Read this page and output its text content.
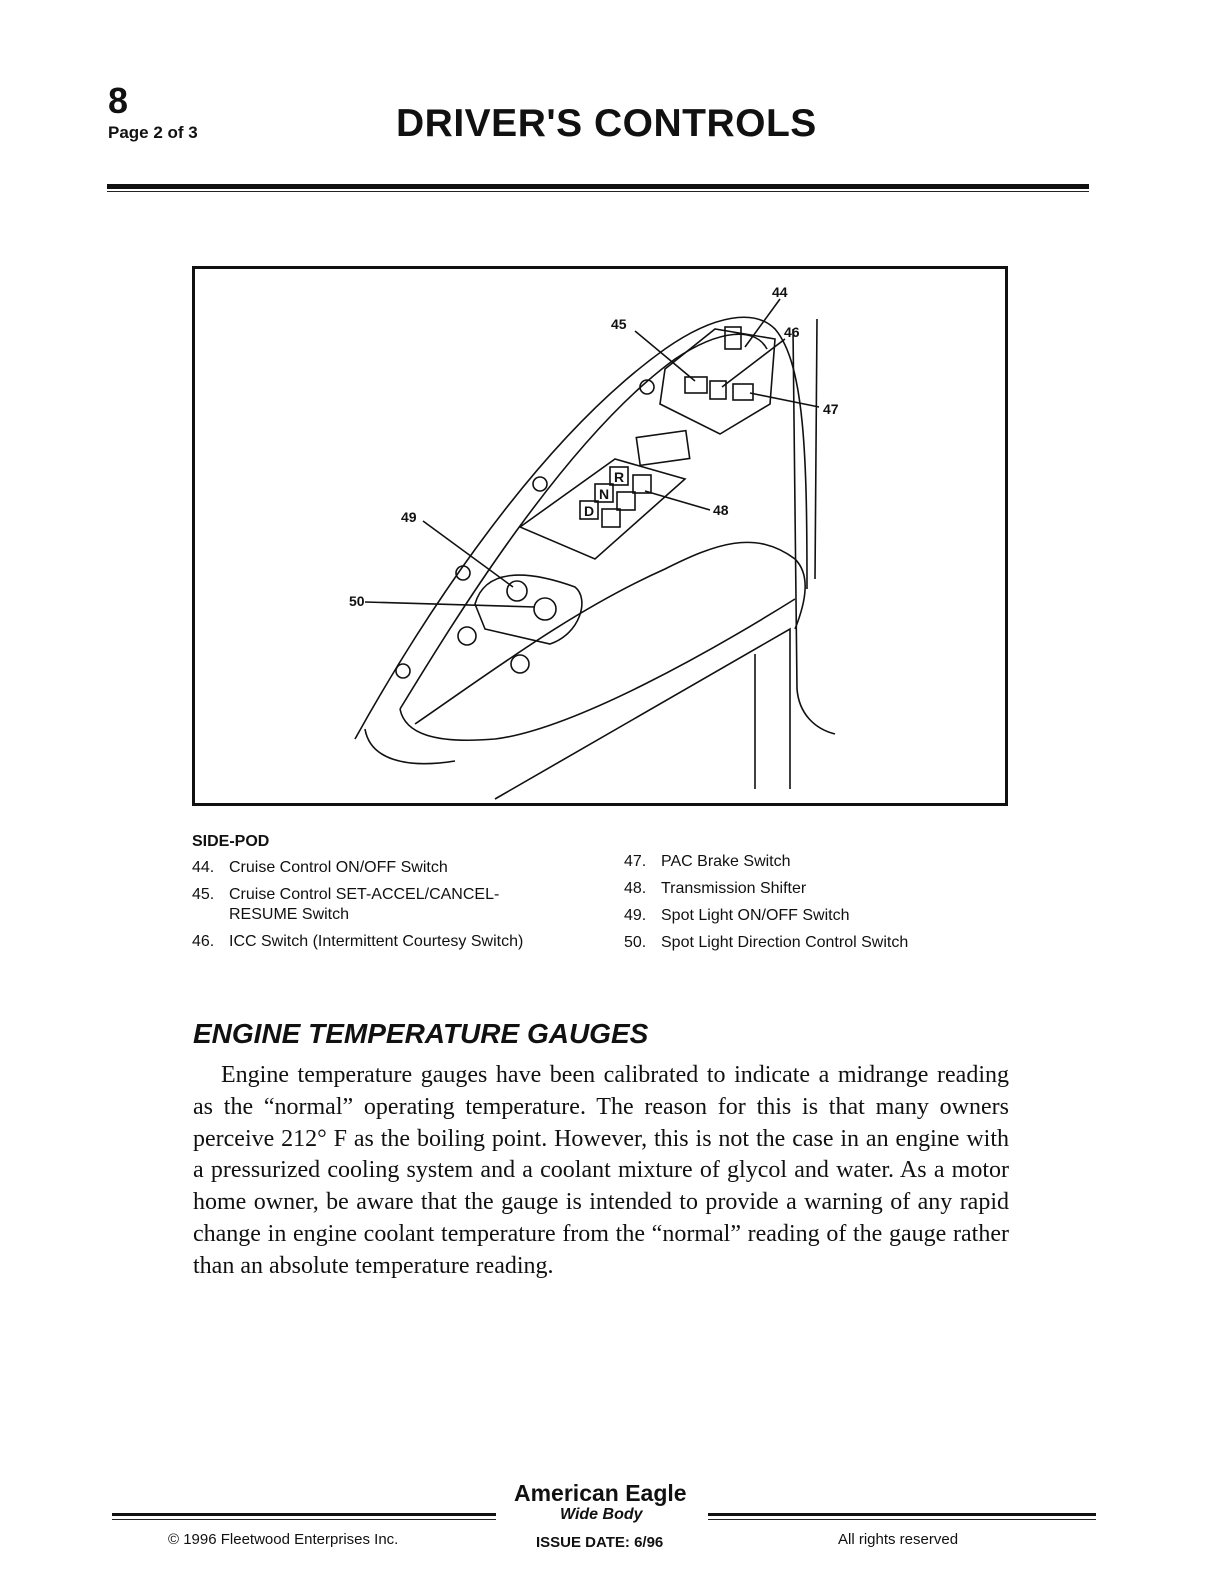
8
Page 2 of 3	DRIVER'S CONTROLS
R
N
D
44
45	46
47
48
49
50
SIDE-POD
44. Cruise Control ON/OFF Switch
45. Cruise Control SET-ACCEL/CANCEL-RESUME Switch
46. ICC Switch (Intermittent Courtesy Switch)
47. PAC Brake Switch
48. Transmission Shifter
49. Spot Light ON/OFF Switch
50. Spot Light Direction Control Switch
ENGINE TEMPERATURE GAUGES
Engine temperature gauges have been calibrated to indicate a midrange reading as the “normal” operating temperature. The reason for this is that many owners perceive 212° F as the boiling point. However, this is not the case in an engine with a pressurized cooling system and a coolant mixture of glycol and water. As a motor home owner, be aware that the gauge is intended to provide a warning of any rapid change in engine coolant temperature from the “normal” reading of the gauge rather than an absolute temperature reading.
American Eagle
Wide Body
ISSUE DATE: 6/96
© 1996 Fleetwood Enterprises Inc.	All rights reserved
